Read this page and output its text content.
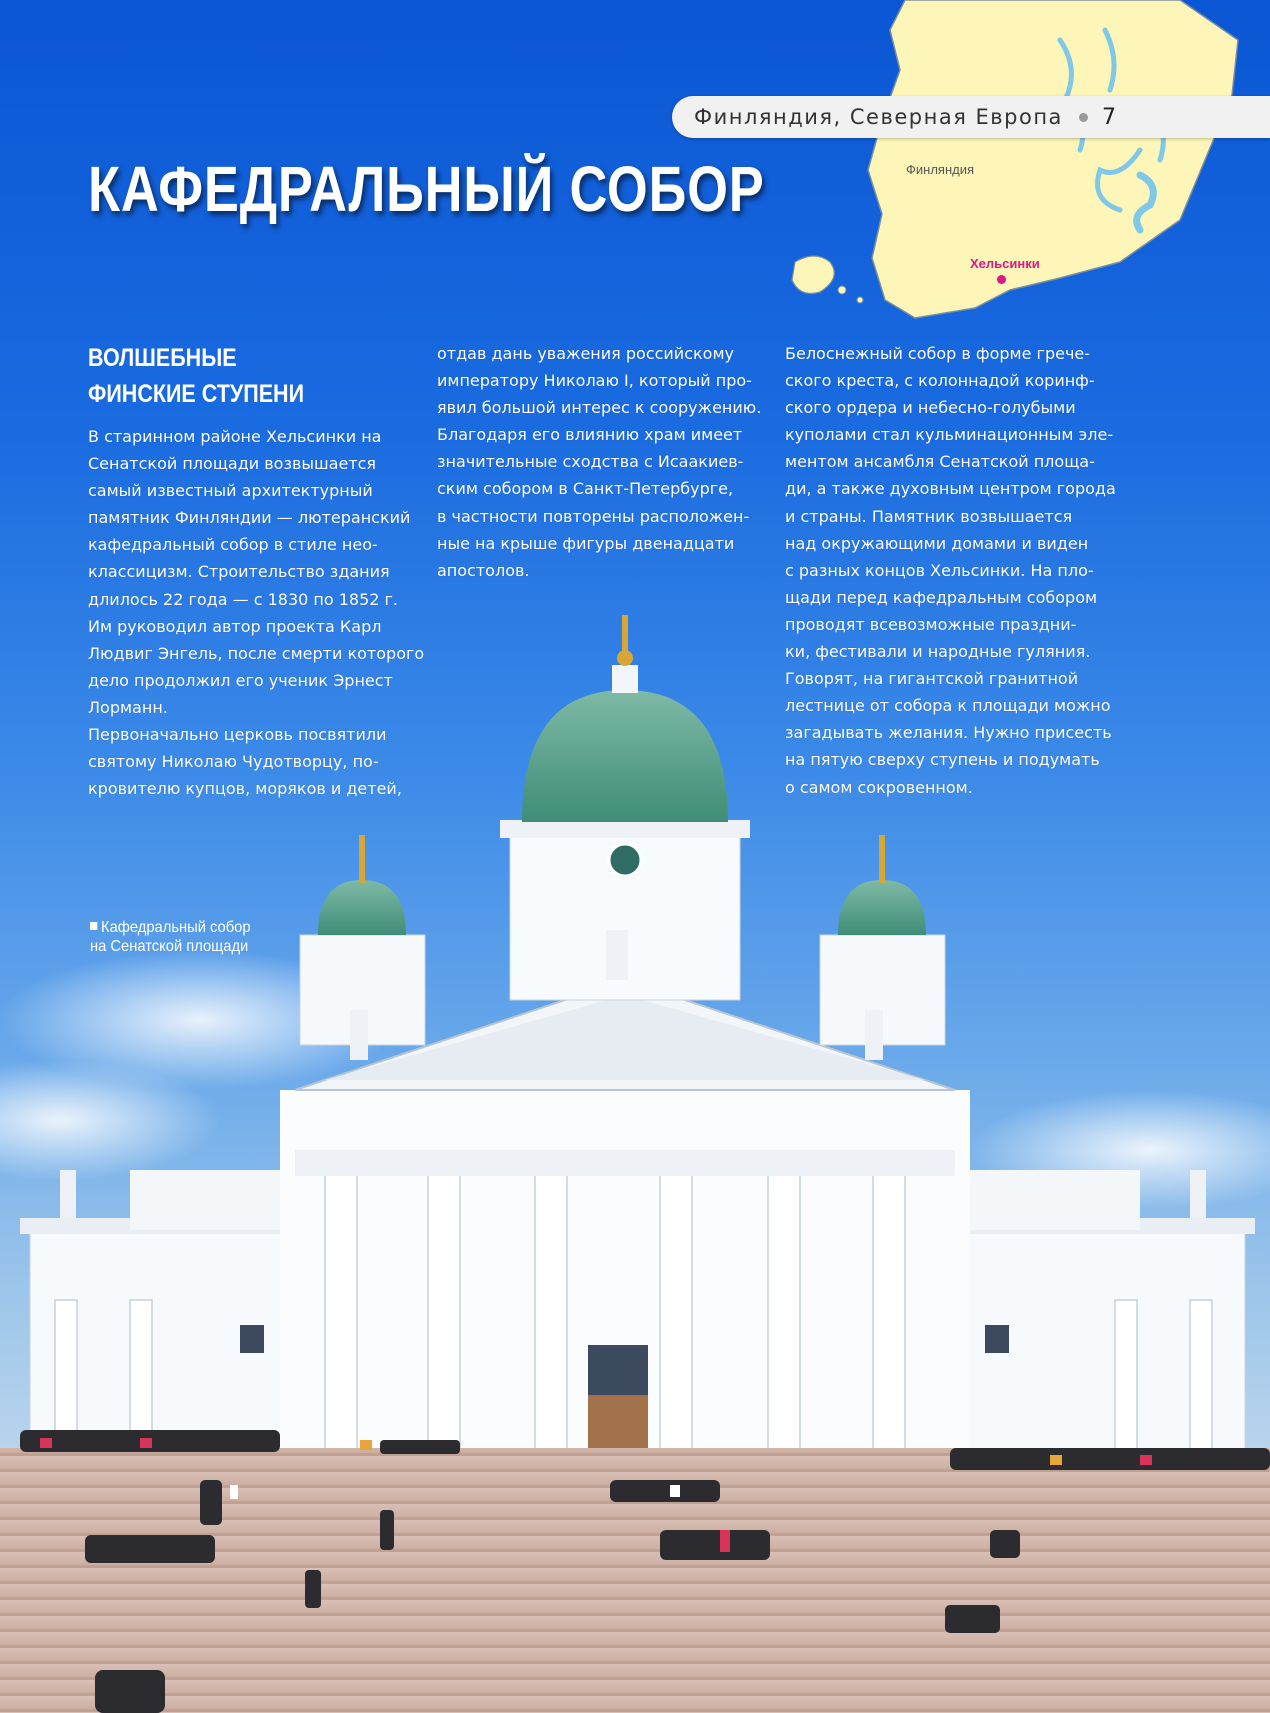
Финляндия, Северная Европа 7
Финляндия
Хельсинки
КАФЕДРАЛЬНЫЙ СОБОР
ВОЛШЕБНЫЕ ФИНСКИЕ СТУПЕНИ

В старинном районе Хельсинки на
Сенатской площади возвышается
самый известный архитектурный
памятник Финляндии — лютеранский
кафедральный собор в стиле нео-
классицизм. Строительство здания
длилось 22 года — с 1830 по 1852 г.
Им руководил автор проекта Карл
Людвиг Энгель, после смерти которого
дело продолжил его ученик Эрнест
Лорманн.
Первоначально церковь посвятили
святому Николаю Чудотворцу, по-
кровителю купцов, моряков и детей,

отдав дань уважения российскому
императору Николаю I, который про-
явил большой интерес к сооружению.
Благодаря его влиянию храм имеет
значительные сходства с Исаакиев-
ским собором в Санкт-Петербурге,
в частности повторены расположен-
ные на крыше фигуры двенадцати
апостолов.

Белоснежный собор в форме грече-
ского креста, с колоннадой коринф-
ского ордера и небесно-голубыми
куполами стал кульминационным эле-
ментом ансамбля Сенатской площа-
ди, а также духовным центром города
и страны. Памятник возвышается
над окружающими домами и виден
с разных концов Хельсинки. На пло-
щади перед кафедральным собором
проводят всевозможные праздни-
ки, фестивали и народные гуляния.
Говорят, на гигантской гранитной
лестнице от собора к площади можно
загадывать желания. Нужно присесть
на пятую сверху ступень и подумать
о самом сокровенном.

Кафедральный собор
на Сенатской площади
